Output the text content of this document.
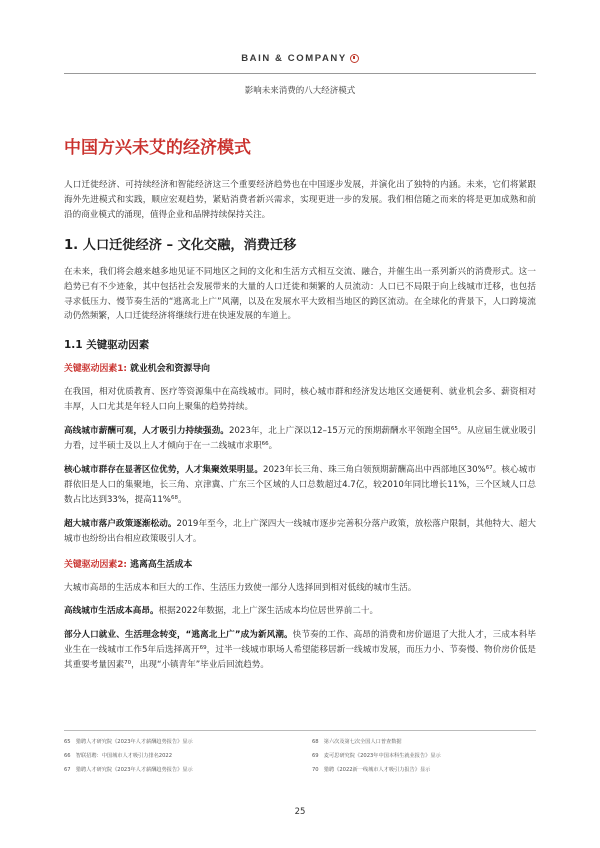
BAIN & COMPANY
影响未来消费的八大经济模式
中国方兴未艾的经济模式

人口迁徙经济、可持续经济和智能经济这三个重要经济趋势也在中国逐步发展，并演化出了独特的内涵。未来，它们将紧跟海外先进模式和实践，顺应宏观趋势，紧贴消费者新兴需求，实现更进一步的发展。我们相信随之而来的将是更加成熟和前沿的商业模式的涌现，值得企业和品牌持续保持关注。

1. 人口迁徙经济 – 文化交融，消费迁移

在未来，我们将会越来越多地见证不同地区之间的文化和生活方式相互交流、融合，并催生出一系列新兴的消费形式。这一趋势已有不少迹象，其中包括社会发展带来的大量的人口迁徙和频繁的人员流动：人口已不局限于向上线城市迁移，也包括寻求低压力、慢节奏生活的“逃离北上广”风潮，以及在发展水平大致相当地区的跨区流动。在全球化的背景下，人口跨境流动仍然频繁，人口迁徙经济将继续行进在快速发展的车道上。

1.1 关键驱动因素
关键驱动因素1: 就业机会和资源导向

在我国，相对优质教育、医疗等资源集中在高线城市。同时，核心城市群和经济发达地区交通便利、就业机会多、薪资相对丰厚，人口尤其是年轻人口向上聚集的趋势持续。

高线城市薪酬可观，人才吸引力持续强劲。2023年，北上广深以12–15万元的预期薪酬水平领跑全国$^{65}$。从应届生就业吸引力看，过半硕士及以上人才倾向于在一二线城市求职$^{66}$。

核心城市群存在显著区位优势，人才集聚效果明显。2023年长三角、珠三角白领预期薪酬高出中西部地区30%$^{67}$。核心城市群依旧是人口的集聚地，长三角、京津冀、广东三个区域的人口总数超过4.7亿，较2010年同比增长11%，三个区域人口总数占比达到33%，提高11%$^{68}$。

超大城市落户政策逐渐松动。2019年至今，北上广深四大一线城市逐步完善积分落户政策，放松落户限制，其他特大、超大城市也纷纷出台相应政策吸引人才。

关键驱动因素2: 逃离高生活成本

大城市高昂的生活成本和巨大的工作、生活压力致使一部分人选择回到相对低线的城市生活。

高线城市生活成本高昂。根据2022年数据，北上广深生活成本均位居世界前二十。

部分人口就业、生活理念转变，“逃离北上广”成为新风潮。快节奏的工作、高昂的消费和房价逼退了大批人才，三成本科毕业生在一线城市工作5年后选择离开$^{69}$，过半一线城市职场人希望能移居新一线城市发展，而压力小、节奏慢、物价房价低是其重要考量因素$^{70}$，出现“小镇青年”毕业后回流趋势。

65　猎聘人才研究院《2023年人才薪酬趋势报告》显示
66　智联招聘：中国城市人才吸引力排名2022
67　猎聘人才研究院《2023年人才薪酬趋势报告》显示
68　第六次及第七次全国人口普查数据
69　麦可思研究院《2023年中国本科生就业报告》显示
70　猎聘《2022新一线城市人才吸引力报告》显示
25
